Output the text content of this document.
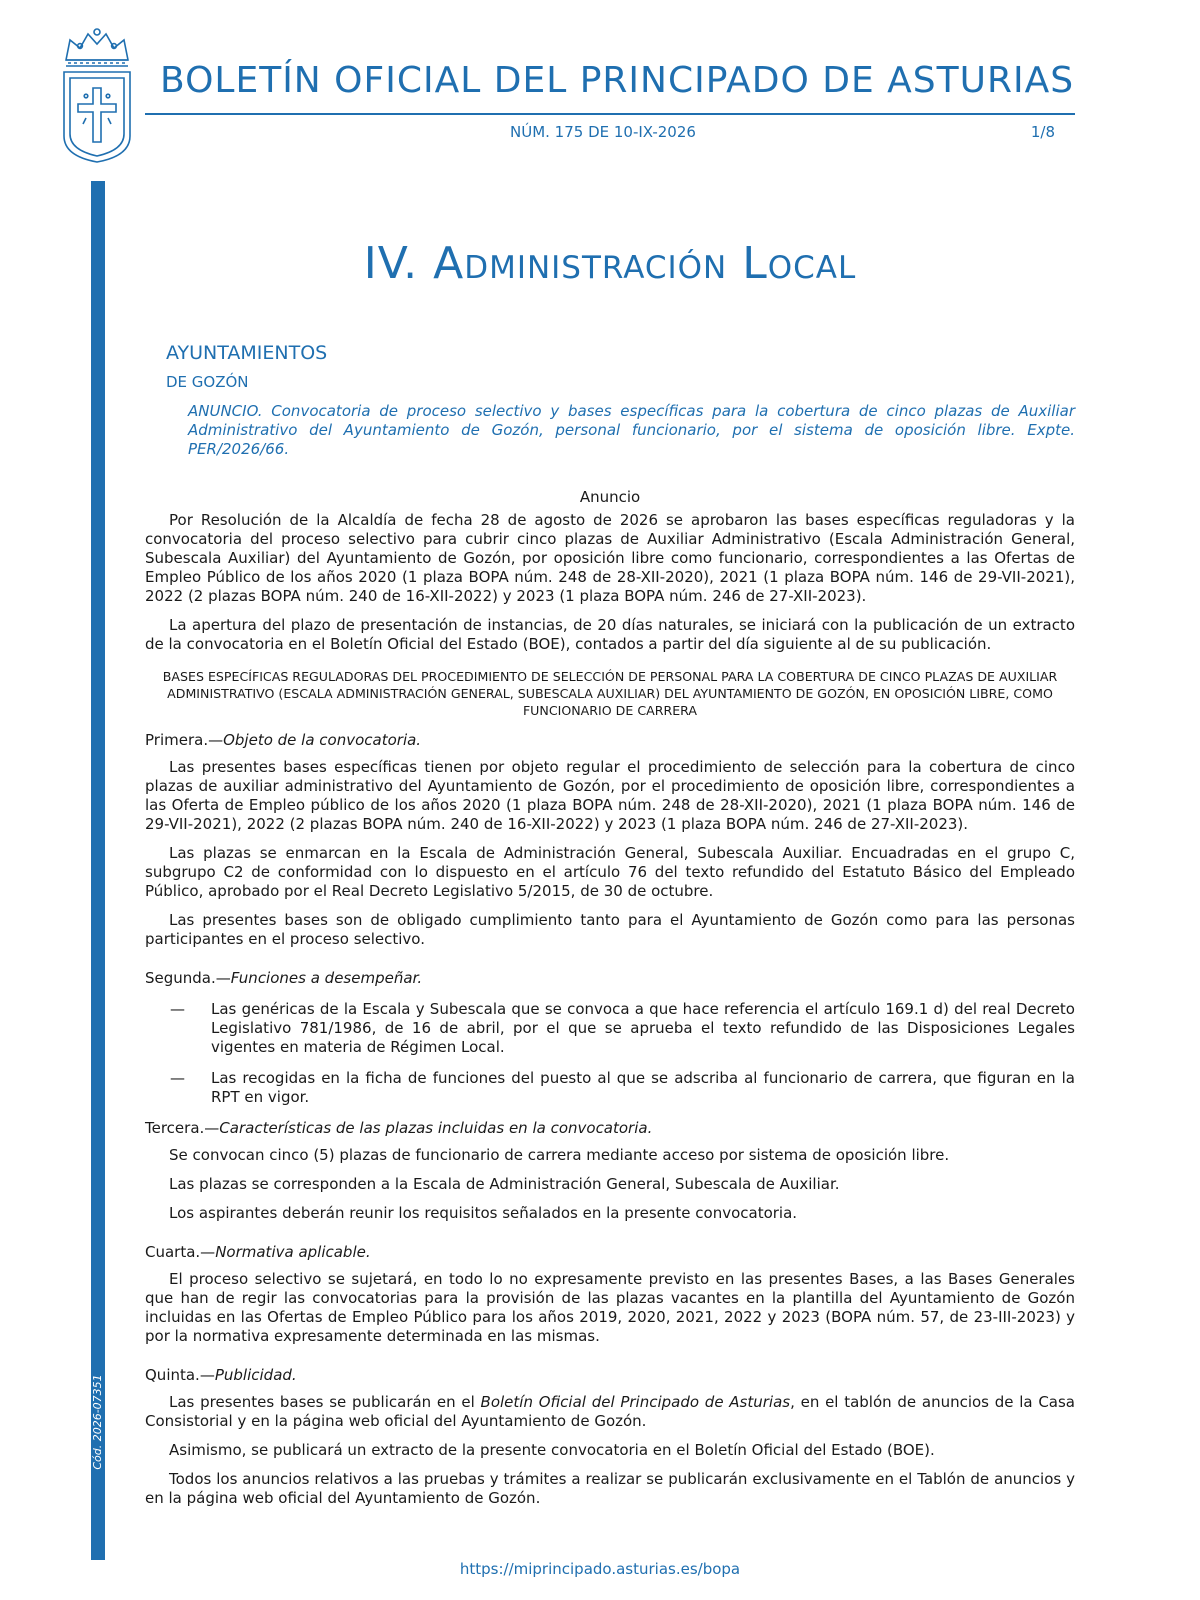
BOLETÍN OFICIAL DEL PRINCIPADO DE ASTURIAS
NÚM. 175 DE 10-IX-2026	1/8
Cód. 2026-07351
IV. Administración Local
AYUNTAMIENTOS
DE GOZÓN
ANUNCIO. Convocatoria de proceso selectivo y bases específicas para la cobertura de cinco plazas de Auxiliar Administrativo del Ayuntamiento de Gozón, personal funcionario, por el sistema de oposición libre. Expte. PER/2026/66.
Anuncio

Por Resolución de la Alcaldía de fecha 28 de agosto de 2026 se aprobaron las bases específicas reguladoras y la convocatoria del proceso selectivo para cubrir cinco plazas de Auxiliar Administrativo (Escala Administración General, Subescala Auxiliar) del Ayuntamiento de Gozón, por oposición libre como funcionario, correspondientes a las Ofertas de Empleo Público de los años 2020 (1 plaza BOPA núm. 248 de 28-XII-2020), 2021 (1 plaza BOPA núm. 146 de 29-VII-2021), 2022 (2 plazas BOPA núm. 240 de 16-XII-2022) y 2023 (1 plaza BOPA núm. 246 de 27-XII-2023).

La apertura del plazo de presentación de instancias, de 20 días naturales, se iniciará con la publicación de un extracto de la convocatoria en el Boletín Oficial del Estado (BOE), contados a partir del día siguiente al de su publicación.

BASES ESPECÍFICAS REGULADORAS DEL PROCEDIMIENTO DE SELECCIÓN DE PERSONAL PARA LA COBERTURA DE CINCO PLAZAS DE AUXILIAR ADMINISTRATIVO (ESCALA ADMINISTRACIÓN GENERAL, SUBESCALA AUXILIAR) DEL AYUNTAMIENTO DE GOZÓN, EN OPOSICIÓN LIBRE, COMO FUNCIONARIO DE CARRERA
Primera.—Objeto de la convocatoria.

Las presentes bases específicas tienen por objeto regular el procedimiento de selección para la cobertura de cinco plazas de auxiliar administrativo del Ayuntamiento de Gozón, por el procedimiento de oposición libre, correspondientes a las Oferta de Empleo público de los años 2020 (1 plaza BOPA núm. 248 de 28-XII-2020), 2021 (1 plaza BOPA núm. 146 de 29-VII-2021), 2022 (2 plazas BOPA núm. 240 de 16-XII-2022) y 2023 (1 plaza BOPA núm. 246 de 27-XII-2023).

Las plazas se enmarcan en la Escala de Administración General, Subescala Auxiliar. Encuadradas en el grupo C, subgrupo C2 de conformidad con lo dispuesto en el artículo 76 del texto refundido del Estatuto Básico del Empleado Público, aprobado por el Real Decreto Legislativo 5/2015, de 30 de octubre.

Las presentes bases son de obligado cumplimiento tanto para el Ayuntamiento de Gozón como para las personas participantes en el proceso selectivo.

Segunda.—Funciones a desempeñar.
—	Las genéricas de la Escala y Subescala que se convoca a que hace referencia el artículo 169.1 d) del real Decreto Legislativo 781/1986, de 16 de abril, por el que se aprueba el texto refundido de las Disposiciones Legales vigentes en materia de Régimen Local.
—	Las recogidas en la ficha de funciones del puesto al que se adscriba al funcionario de carrera, que figuran en la RPT en vigor.
Tercera.—Características de las plazas incluidas en la convocatoria.

Se convocan cinco (5) plazas de funcionario de carrera mediante acceso por sistema de oposición libre.

Las plazas se corresponden a la Escala de Administración General, Subescala de Auxiliar.

Los aspirantes deberán reunir los requisitos señalados en la presente convocatoria.

Cuarta.—Normativa aplicable.

El proceso selectivo se sujetará, en todo lo no expresamente previsto en las presentes Bases, a las Bases Generales que han de regir las convocatorias para la provisión de las plazas vacantes en la plantilla del Ayuntamiento de Gozón incluidas en las Ofertas de Empleo Público para los años 2019, 2020, 2021, 2022 y 2023 (BOPA núm. 57, de 23-III-2023) y por la normativa expresamente determinada en las mismas.

Quinta.—Publicidad.

Las presentes bases se publicarán en el Boletín Oficial del Principado de Asturias, en el tablón de anuncios de la Casa Consistorial y en la página web oficial del Ayuntamiento de Gozón.

Asimismo, se publicará un extracto de la presente convocatoria en el Boletín Oficial del Estado (BOE).

Todos los anuncios relativos a las pruebas y trámites a realizar se publicarán exclusivamente en el Tablón de anuncios y en la página web oficial del Ayuntamiento de Gozón.

https://miprincipado.asturias.es/bopa
